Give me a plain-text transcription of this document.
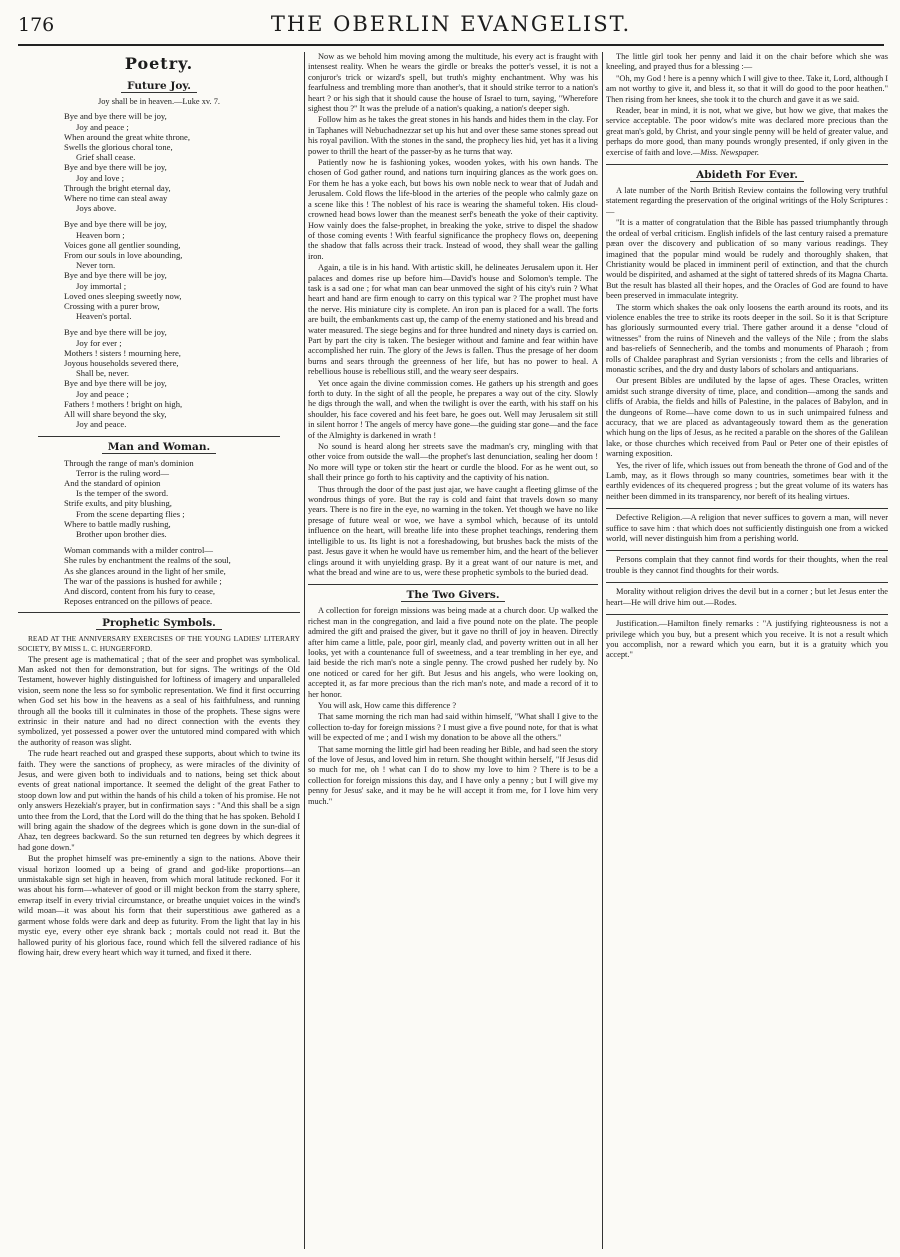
176	THE OBERLIN EVANGELIST.
Poetry.
Future Joy.
Joy shall be in heaven.—Luke xv. 7.
Bye and bye there will be joy,
Joy and peace ;
When around the great white throne,
Swells the glorious choral tone,
Grief shall cease.
Bye and bye there will be joy,
Joy and love ;
Through the bright eternal day,
Where no time can steal away
Joys above.
Bye and bye there will be joy,
Heaven born ;
Voices gone all gentlier sounding,
From our souls in love abounding,
Never torn.
Bye and bye there will be joy,
Joy immortal ;
Loved ones sleeping sweetly now,
Crossing with a purer brow,
Heaven's portal.
Bye and bye there will be joy,
Joy for ever ;
Mothers ! sisters ! mourning here,
Joyous households severed there,
Shall be, never.
Bye and bye there will be joy,
Joy and peace ;
Fathers ! mothers ! bright on high,
All will share beyond the sky,
Joy and peace.
Man and Woman.
Through the range of man's dominion
Terror is the ruling word—
And the standard of opinion
Is the temper of the sword.
Strife exults, and pity blushing,
From the scene departing flies ;
Where to battle madly rushing,
Brother upon brother dies.
Woman commands with a milder control—
She rules by enchantment the realms of the soul,
As she glances around in the light of her smile,
The war of the passions is hushed for awhile ;
And discord, content from his fury to cease,
Reposes entranced on the pillows of peace.
Prophetic Symbols.

READ AT THE ANNIVERSARY EXERCISES OF THE YOUNG LADIES' LITERARY SOCIETY, BY MISS L. C. HUNGERFORD.

The present age is mathematical ; that of the seer and prophet was symbolical. Man asked not then for demonstration, but for signs. The writings of the Old Testament, however highly distinguished for loftiness of imagery and unparalleled vision, seem none the less so for symbolic representation. We find it first occurring when God set his bow in the heavens as a seal of his faithfulness, and running through all the books till it culminates in those of the prophets. These signs were extrinsic in their nature and had no direct connection with the events they symbolized, yet possessed a power over the untutored mind compared with which the authority of reason was slight.

The rude heart reached out and grasped these supports, about which to twine its faith. They were the sanctions of prophecy, as were miracles of the divinity of Jesus, and were given both to individuals and to nations, being set thick about events of great national importance. It seemed the delight of the great Father to stoop down low and put within the hands of his child a token of his promise. He not only answers Hezekiah's prayer, but in confirmation says : "And this shall be a sign unto thee from the Lord, that the Lord will do the thing that he has spoken. Behold I will bring again the shadow of the degrees which is gone down in the sun-dial of Ahaz, ten degrees backward. So the sun returned ten degrees by which degrees it had gone down."

But the prophet himself was pre-eminently a sign to the nations. Above their visual horizon loomed up a being of grand and god-like proportions—an unmistakable sign set high in heaven, from which moral latitude reckoned. For it was about his form—whatever of good or ill might beckon from the starry sphere, enwrap itself in every trivial circumstance, or breathe unquiet voices in the wind's wild moan—it was about his form that their superstitious awe gathered as a garment whose folds were dark and deep as futurity. From the light that lay in his mystic eye, every other eye shrank back ; mortals could not read it. But the hallowed purity of his glorious face, round which fell the silvered radiance of his flowing hair, drew every heart which way it turned, and fixed it there.

Now as we behold him moving among the multitude, his every act is fraught with intensest reality. When he wears the girdle or breaks the potter's vessel, it is not a conjuror's trick or wizard's spell, but truth's mighty enchantment. Why was his fearfulness and trembling more than another's, that it should strike terror to a nation's heart ? or his sigh that it should cause the house of Israel to turn, saying, "Wherefore sighest thou ?" It was the prelude of a nation's quaking, a nation's deeper sigh.

Follow him as he takes the great stones in his hands and hides them in the clay. For in Taphanes will Nebuchadnezzar set up his hut and over these same stones spread out his royal pavilion. With the stones in the sand, the prophecy lies hid, yet has it a living power to thrill the heart of the passer-by as he turns that way.

Patiently now he is fashioning yokes, wooden yokes, with his own hands. The chosen of God gather round, and nations turn inquiring glances as the work goes on. For them he has a yoke each, but bows his own noble neck to wear that of Judah and Jerusalem. Cold flows the life-blood in the arteries of the people who calmly gaze on a scene like this ! The noblest of his race is wearing the shameful token. His cloud-crowned head bows lower than the meanest serf's beneath the yoke of their captivity. How vainly does the false-prophet, in breaking the yoke, strive to dispel the shadow of those coming events ! With fearful significance the prophecy flows on, deepening the shadow that falls across their track. Instead of wood, they shall wear the galling iron.

Again, a tile is in his hand. With artistic skill, he delineates Jerusalem upon it. Her palaces and domes rise up before him—David's house and Solomon's temple. The task is a sad one ; for what man can bear unmoved the sight of his city's ruin ? What heart and hand are firm enough to carry on this typical war ? The prophet must have the nerve. His miniature city is complete. An iron pan is placed for a wall. The forts are built, the embankments cast up, the camp of the enemy stationed and his bread and water measured. The siege begins and for three hundred and ninety days is carried on. Part by part the city is taken. The besieger without and famine and fear within have accomplished her ruin. The glory of the Jews is fallen. Thus the presage of her doom burns and sears through the greenness of her life, but has no power to heal. A rebellious house is rebellious still, and the weary seer despairs.

Yet once again the divine commission comes. He gathers up his strength and goes forth to duty. In the sight of all the people, he prepares a way out of the city. Slowly he digs through the wall, and when the twilight is over the earth, with his staff on his shoulder, his face covered and his feet bare, he goes out. Well may Jerusalem sit still in silent horror ! The angels of mercy have gone—the guiding star gone—and the face of the Almighty is darkened in wrath !

No sound is heard along her streets save the madman's cry, mingling with that other voice from outside the wall—the prophet's last denunciation, sealing her doom ! No more will type or token stir the heart or curdle the blood. For as he went out, so shall their prince go forth to his captivity and the captivity of his nation.

Thus through the door of the past just ajar, we have caught a fleeting glimse of the wondrous things of yore. But the ray is cold and faint that travels down so many years. There is no fire in the eye, no warning in the token. Yet though we have no like presage of future weal or woe, we have a symbol which, because of its untold influence on the heart, will breathe life into these prophet teachings, rendering them intelligible to us. Its light is not a foreshadowing, but brushes back the mists of the past. Jesus gave it when he would have us remember him, and the heart of the believer clings around it with unyielding grasp. By it a great want of our nature is met, and what the bread and wine are to us, were these prophetic symbols to the buried dead.

The Two Givers.

A collection for foreign missions was being made at a church door. Up walked the richest man in the congregation, and laid a five pound note on the plate. The people admired the gift and praised the giver, but it gave no thrill of joy in heaven. Directly after him came a little, pale, poor girl, meanly clad, and poverty written out in all her looks, yet with a countenance full of sweetness, and a tear trembling in her eye, and laid beside the rich man's note a single penny. The crowd pushed her rudely by. No one noticed or cared for her gift. But Jesus and his angels, who were looking on, accepted it, as far more precious than the rich man's note, and made a record of it to her honor.

You will ask, How came this difference ?

That same morning the rich man had said within himself, "What shall I give to the collection to-day for foreign missions ? I must give a five pound note, for that is what will be expected of me ; and I wish my donation to be above all the others."

That same morning the little girl had been reading her Bible, and had seen the story of the love of Jesus, and loved him in return. She thought within herself, "If Jesus did so much for me, oh ! what can I do to show my love to him ? There is to be a collection for foreign missions this day, and I have only a penny ; but I will give my penny for Jesus' sake, and it may be he will accept it from me, for I love him very much."

The little girl took her penny and laid it on the chair before which she was kneeling, and prayed thus for a blessing :—

"Oh, my God ! here is a penny which I will give to thee. Take it, Lord, although I am not worthy to give it, and bless it, so that it will do good to the poor heathen." Then rising from her knees, she took it to the church and gave it as we said.

Reader, bear in mind, it is not, what we give, but how we give, that makes the service acceptable. The poor widow's mite was declared more precious than the great man's gold, by Christ, and your single penny will be held of greater value, and perhaps do more good, than many pounds wrongly presented, if only given in the exercise of faith and love.—Miss. Newspaper.

Abideth For Ever.

A late number of the North British Review contains the following very truthful statement regarding the preservation of the original writings of the Holy Scriptures :—

"It is a matter of congratulation that the Bible has passed triumphantly through the ordeal of verbal criticism. English infidels of the last century raised a premature pæan over the discovery and publication of so many various readings. They imagined that the popular mind would be rudely and thoroughly shaken, that Christianity would be placed in imminent peril of extinction, and that the church would be dispirited, and ashamed at the sight of tattered shreds of its Magna Charta. But the result has blasted all their hopes, and the Oracles of God are found to have been preserved in immaculate integrity.

The storm which shakes the oak only loosens the earth around its roots, and its violence enables the tree to strike its roots deeper in the soil. So it is that Scripture has gloriously surmounted every trial. There gather around it a dense "cloud of witnesses" from the ruins of Nineveh and the valleys of the Nile ; from the slabs and bas-reliefs of Sennecherib, and the tombs and monuments of Pharaoh ; from rolls of Chaldee paraphrast and Syrian versionists ; from the cells and libraries of monastic scribes, and the dry and dusty labors of scholars and antiquarians.

Our present Bibles are undiluted by the lapse of ages. These Oracles, written amidst such strange diversity of time, place, and condition—among the sands and cliffs of Arabia, the fields and hills of Palestine, in the palaces of Babylon, and in the dungeons of Rome—have come down to us in such unimpaired fulness and accuracy, that we are placed as advantageously toward them as the generation which hung on the lips of Jesus, as he recited a parable on the shores of the Galilean lake, or those churches which received from Paul or Peter one of their epistles of warning exposition.

Yes, the river of life, which issues out from beneath the throne of God and of the Lamb, may, as it flows through so many countries, sometimes bear with it the earthly evidences of its chequered progress ; but the great volume of its waters has neither been dimmed in its transparency, nor bereft of its healing virtues.

Defective Religion.—A religion that never suffices to govern a man, will never suffice to save him : that which does not sufficiently distinguish one from a wicked world, will never distinguish him from a perishing world.

Persons complain that they cannot find words for their thoughts, when the real trouble is they cannot find thoughts for their words.

Morality without religion drives the devil but in a corner ; but let Jesus enter the heart—He will drive him out.—Rodes.

Justification.—Hamilton finely remarks : "A justifying righteousness is not a privilege which you buy, but a present which you receive. It is not a result which you accomplish, nor a reward which you earn, but it is a gratuity which you accept."
